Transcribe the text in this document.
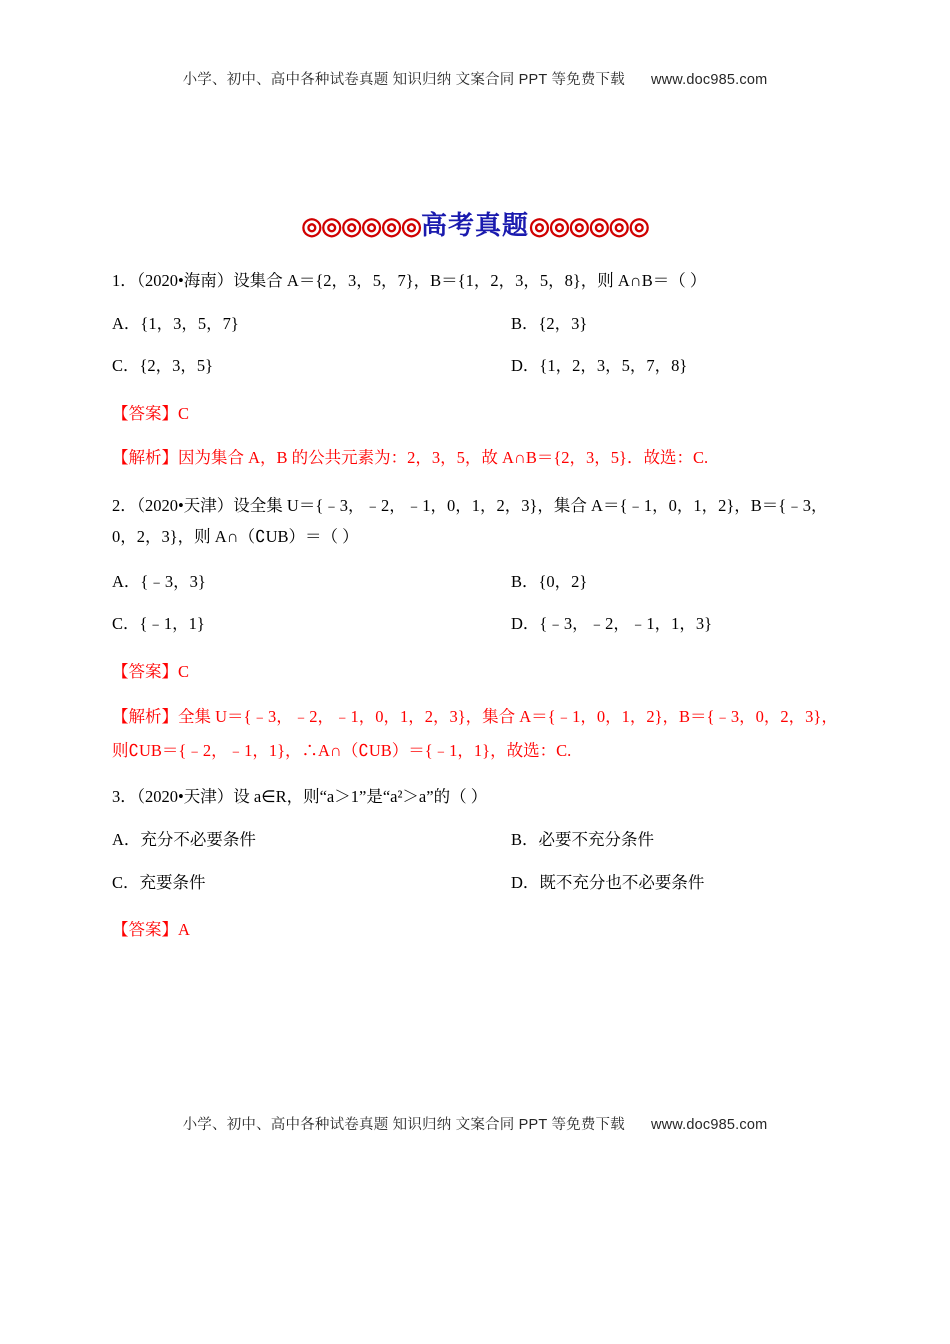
小学、初中、高中各种试卷真题 知识归纳 文案合同 PPT 等免费下载 www.doc985.com
◎◎◎◎◎◎高考真题◎◎◎◎◎◎
1．（2020•海南）设集合 A＝{2，3，5，7}，B＝{1，2，3，5，8}，则 A∩B＝（ ）
A．{1，3，5，7}	B．{2，3}
C．{2，3，5}	D．{1，2，3，5，7，8}
【答案】C
【解析】因为集合 A，B 的公共元素为：2，3，5，故 A∩B＝{2，3，5}．故选：C.
2．（2020•天津）设全集 U＝{﹣3，﹣2，﹣1，0，1，2，3}，集合 A＝{﹣1，0，1，2}，B＝{﹣3，0，2，3}，则 A∩（∁UB）＝（ ）
A．{﹣3，3}	B．{0，2}
C．{﹣1，1}	D．{﹣3，﹣2，﹣1，1，3}
【答案】C
【解析】全集 U＝{﹣3，﹣2，﹣1，0，1，2，3}，集合 A＝{﹣1，0，1，2}，B＝{﹣3，0，2，3}，
则∁UB＝{﹣2，﹣1，1}，∴A∩（∁UB）＝{﹣1，1}，故选：C.
3．（2020•天津）设 a∈R，则“a＞1”是“a²＞a”的（ ）
A．充分不必要条件	B．必要不充分条件
C．充要条件	D．既不充分也不必要条件
【答案】A
小学、初中、高中各种试卷真题 知识归纳 文案合同 PPT 等免费下载 www.doc985.com
